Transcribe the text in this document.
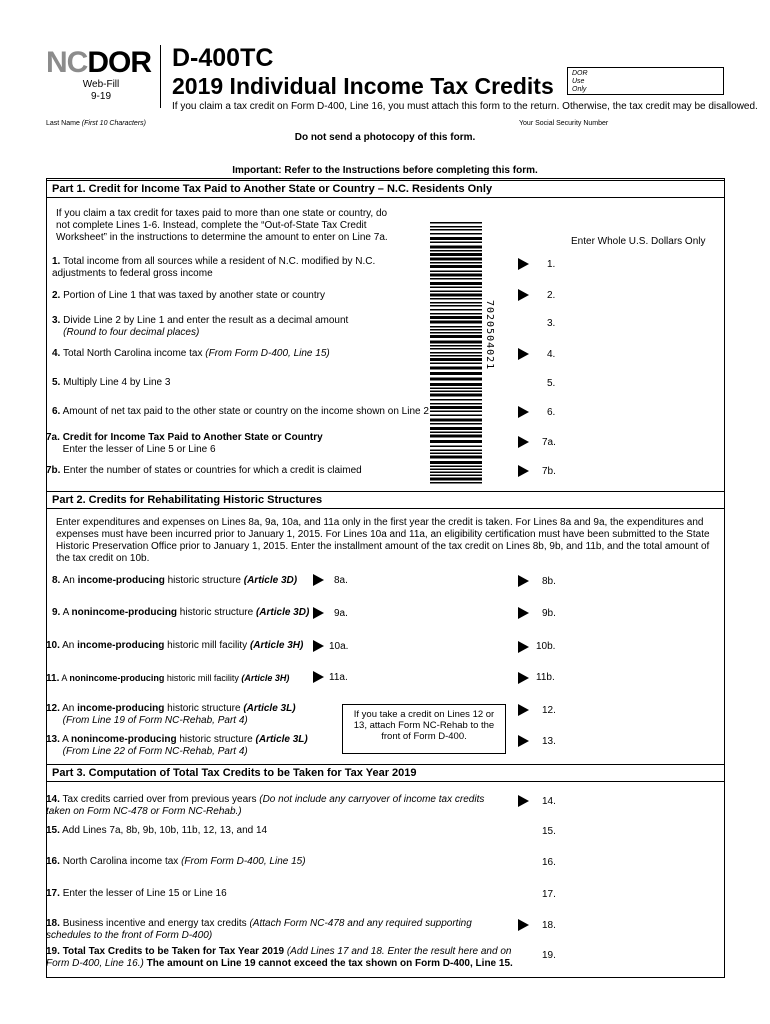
NCDOR
Web-Fill
9-19
D-400TC
2019 Individual Income Tax Credits
If you claim a tax credit on Form D-400, Line 16, you must attach this form to the return. Otherwise, the tax credit may be disallowed.
DOR
Use
Only
Last Name (First 10 Characters)	Your Social Security Number
Do not send a photocopy of this form.
Important: Refer to the Instructions before completing this form.
Part 1. Credit for Income Tax Paid to Another State or Country – N.C. Residents Only
If you claim a tax credit for taxes paid to more than one state or country, do not complete Lines 1-6. Instead, complete the “Out-of-State Tax Credit Worksheet” in the instructions to determine the amount to enter on Line 7a.	Enter Whole U.S. Dollars Only
7020504021
1. Total income from all sources while a resident of N.C. modified by N.C. adjustments to federal gross income
2. Portion of Line 1 that was taxed by another state or country
3. Divide Line 2 by Line 1 and enter the result as a decimal amount
(Round to four decimal places)
4. Total North Carolina income tax (From Form D-400, Line 15)
5. Multiply Line 4 by Line 3
6. Amount of net tax paid to the other state or country on the income shown on Line 2
7a. Credit for Income Tax Paid to Another State or Country
Enter the lesser of Line 5 or Line 6
7b. Enter the number of states or countries for which a credit is claimed
1.
2.
3.
4.
5.
6.
7a.
7b.
Part 2. Credits for Rehabilitating Historic Structures
Enter expenditures and expenses on Lines 8a, 9a, 10a, and 11a only in the first year the credit is taken. For Lines 8a and 9a, the expenditures and expenses must have been incurred prior to January 1, 2015. For Lines 10a and 11a, an eligibility certification must have been submitted to the State Historic Preservation Office prior to January 1, 2015. Enter the installment amount of the tax credit on Lines 8b, 9b, and 11b, and the total amount of the tax credit on 10b.
8. An income-producing historic structure (Article 3D)
9. A nonincome-producing historic structure (Article 3D)
10. An income-producing historic mill facility (Article 3H)
11. A nonincome-producing historic mill facility (Article 3H)
12. An income-producing historic structure (Article 3L)
(From Line 19 of Form NC-Rehab, Part 4)
13. A nonincome-producing historic structure (Article 3L)
(From Line 22 of Form NC-Rehab, Part 4)
8a.
9a.
10a.
11a.
8b.
9b.
10b.
11b.
12.
13.
If you take a credit on Lines 12 or 13, attach Form NC-Rehab to the front of Form D-400.
Part 3. Computation of Total Tax Credits to be Taken for Tax Year 2019
14. Tax credits carried over from previous years (Do not include any carryover of income tax credits taken on Form NC-478 or Form NC-Rehab.)
15. Add Lines 7a, 8b, 9b, 10b, 11b, 12, 13, and 14
16. North Carolina income tax (From Form D-400, Line 15)
17. Enter the lesser of Line 15 or Line 16
18. Business incentive and energy tax credits (Attach Form NC-478 and any required supporting schedules to the front of Form D-400)
19. Total Tax Credits to be Taken for Tax Year 2019 (Add Lines 17 and 18. Enter the result here and on Form D-400, Line 16.) The amount on Line 19 cannot exceed the tax shown on Form D-400, Line 15.
14.
15.
16.
17.
18.
19.
